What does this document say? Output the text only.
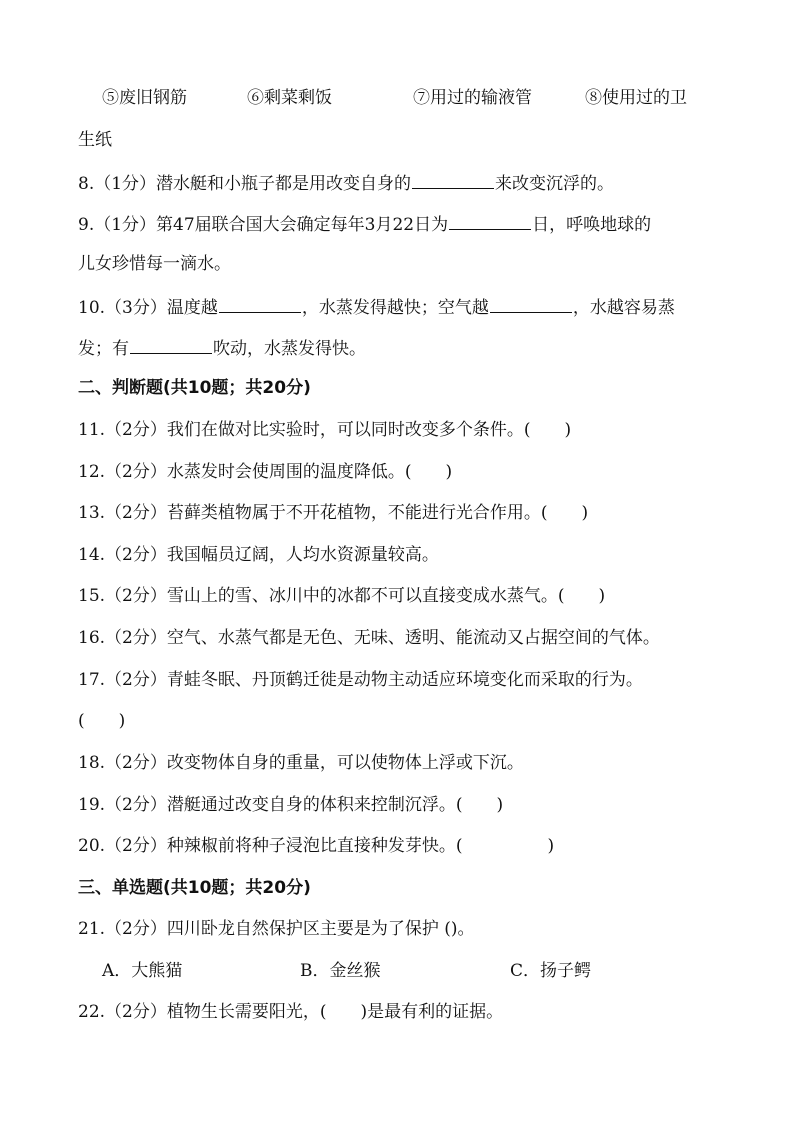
⑤废旧钢筋	⑥剩菜剩饭	⑦用过的输液管	⑧使用过的卫
生纸
8.（1分）潜水艇和小瓶子都是用改变自身的	来改变沉浮的。
9.（1分）第47届联合国大会确定每年3月22日为	日，呼唤地球的
儿女珍惜每一滴水。
10.（3分）温度越	，水蒸发得越快；空气越	，水越容易蒸
发；有	吹动，水蒸发得快。
二、判断题(共10题；共20分)
11.（2分）我们在做对比实验时，可以同时改变多个条件。(　　)
12.（2分）水蒸发时会使周围的温度降低。(　　)
13.（2分）苔藓类植物属于不开花植物，不能进行光合作用。(　　)
14.（2分）我国幅员辽阔，人均水资源量较高。
15.（2分）雪山上的雪、冰川中的冰都不可以直接变成水蒸气。(　　)
16.（2分）空气、水蒸气都是无色、无味、透明、能流动又占据空间的气体。
17.（2分）青蛙冬眠、丹顶鹤迁徙是动物主动适应环境变化而采取的行为。
(　　)
18.（2分）改变物体自身的重量，可以使物体上浮或下沉。
19.（2分）潜艇通过改变自身的体积来控制沉浮。(　　)
20.（2分）种辣椒前将种子浸泡比直接种发芽快。(　　　　　)
三、单选题(共10题；共20分)
21.（2分）四川卧龙自然保护区主要是为了保护 ()。
A．大熊猫	B．金丝猴	C．扬子鳄
22.（2分）植物生长需要阳光，(　　)是最有利的证据。
